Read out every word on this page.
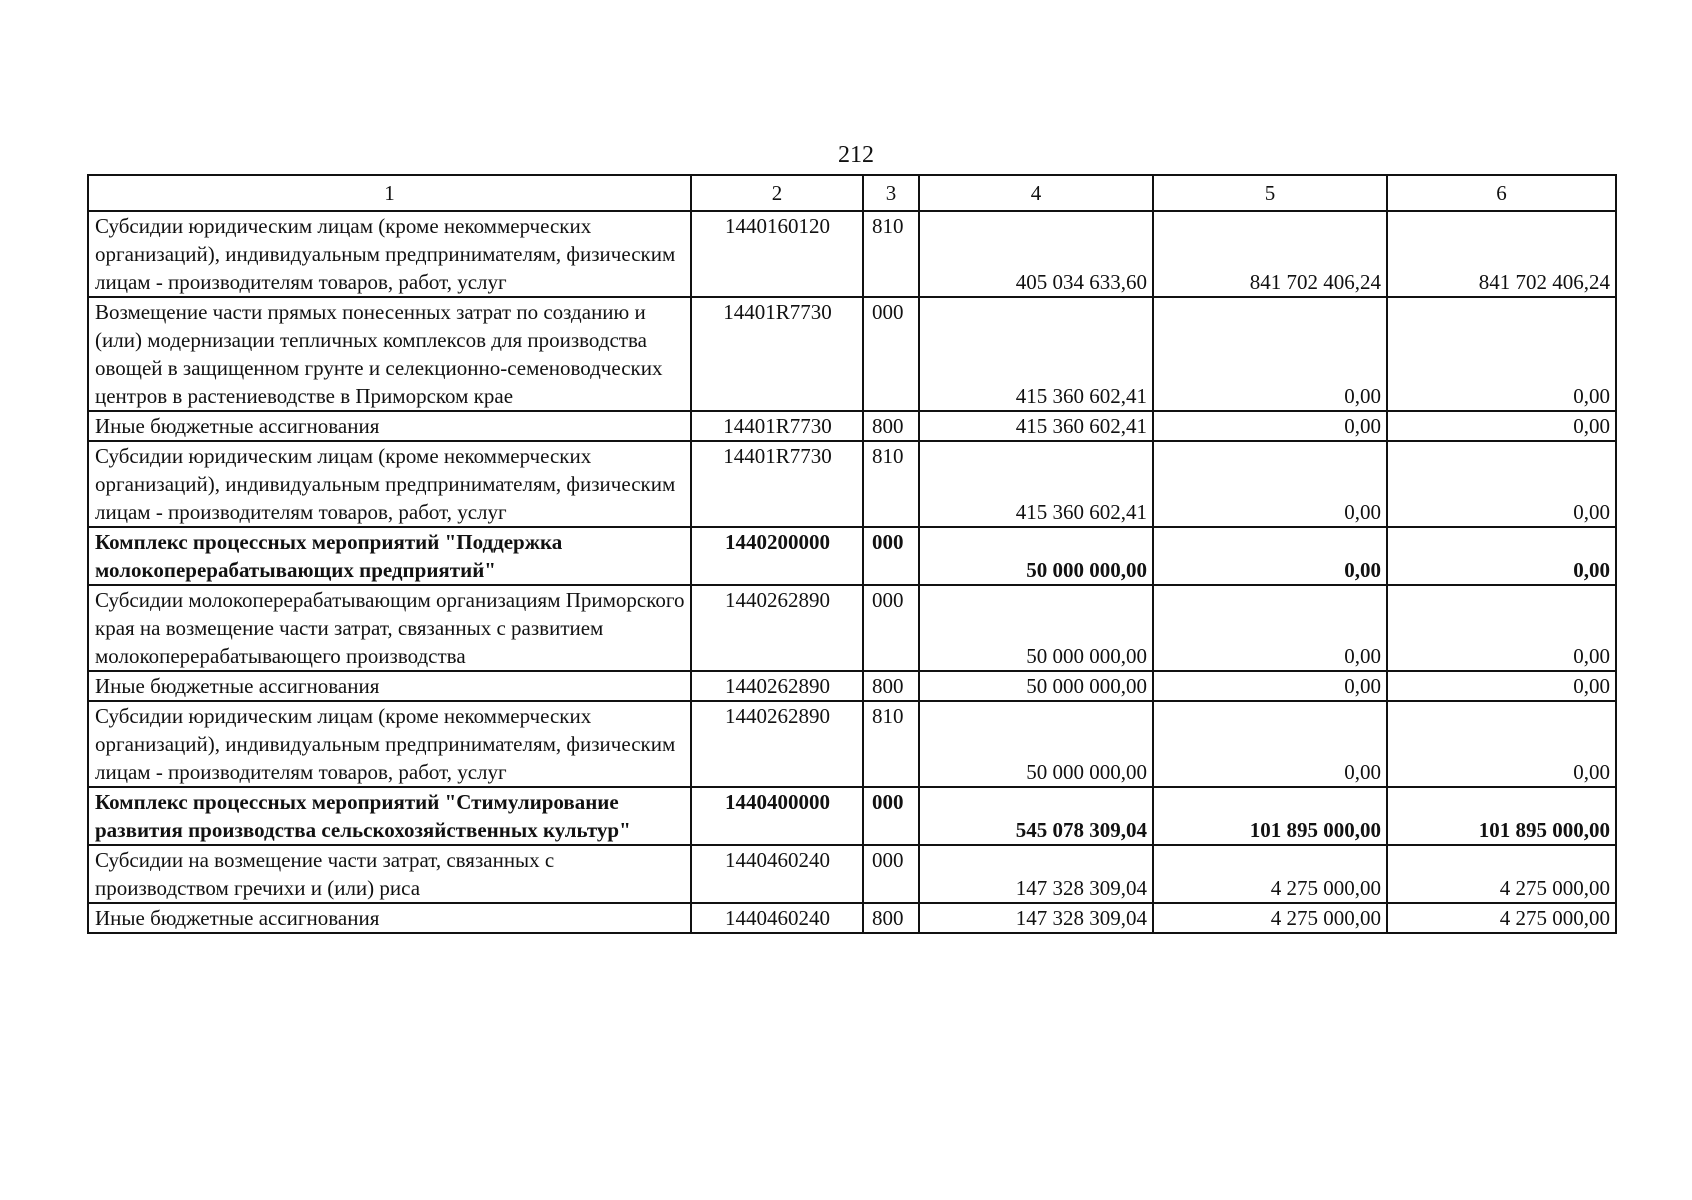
212
1	2	3	4	5	6
Субсидии юридическим лицам (кроме некоммерческих организаций), индивидуальным предпринимателям, физическим лицам - производителям товаров, работ, услуг	1440160120	810	405 034 633,60	841 702 406,24	841 702 406,24
Возмещение части прямых понесенных затрат по созданию и (или) модернизации тепличных комплексов для производства овощей в защищенном грунте и селекционно-семеноводческих центров в растениеводстве в Приморском крае	14401R7730	000	415 360 602,41	0,00	0,00
Иные бюджетные ассигнования	14401R7730	800	415 360 602,41	0,00	0,00
Субсидии юридическим лицам (кроме некоммерческих организаций), индивидуальным предпринимателям, физическим лицам - производителям товаров, работ, услуг	14401R7730	810	415 360 602,41	0,00	0,00
Комплекс процессных мероприятий "Поддержка молокоперерабатывающих предприятий"	1440200000	000	50 000 000,00	0,00	0,00
Субсидии молокоперерабатывающим организациям Приморского края на возмещение части затрат, связанных с развитием молокоперерабатывающего производства	1440262890	000	50 000 000,00	0,00	0,00
Иные бюджетные ассигнования	1440262890	800	50 000 000,00	0,00	0,00
Субсидии юридическим лицам (кроме некоммерческих организаций), индивидуальным предпринимателям, физическим лицам - производителям товаров, работ, услуг	1440262890	810	50 000 000,00	0,00	0,00
Комплекс процессных мероприятий "Стимулирование развития производства сельскохозяйственных культур"	1440400000	000	545 078 309,04	101 895 000,00	101 895 000,00
Субсидии на возмещение части затрат, связанных с производством гречихи и (или) риса	1440460240	000	147 328 309,04	4 275 000,00	4 275 000,00
Иные бюджетные ассигнования	1440460240	800	147 328 309,04	4 275 000,00	4 275 000,00
